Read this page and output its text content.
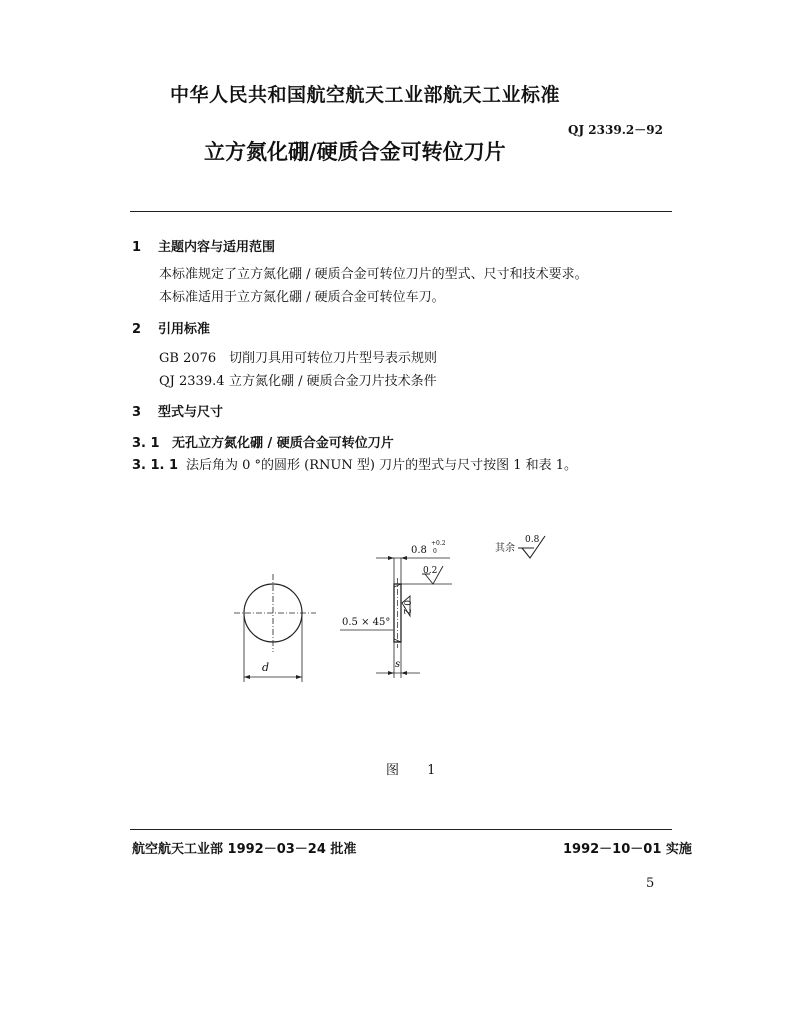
中华人民共和国航空航天工业部航天工业标准
QJ 2339.2－92
立方氮化硼/硬质合金可转位刀片
1 主题内容与适用范围
本标准规定了立方氮化硼 / 硬质合金可转位刀片的型式、尺寸和技术要求。
本标准适用于立方氮化硼 / 硬质合金可转位车刀。
2 引用标准
GB 2076 切削刀具用可转位刀片型号表示规则
QJ 2339.4 立方氮化硼 / 硬质合金刀片技术条件
3 型式与尺寸
3. 1 无孔立方氮化硼 / 硬质合金可转位刀片
3. 1. 1 法后角为 0 °的圆形 (RNUN 型) 刀片的型式与尺寸按图 1 和表 1。
d	s
0.8
+0.2
0
0.2
0.2
0.5 × 45°
其余
0.8
图 1
航空航天工业部 1992－03－24 批准	1992－10－01 实施
5
